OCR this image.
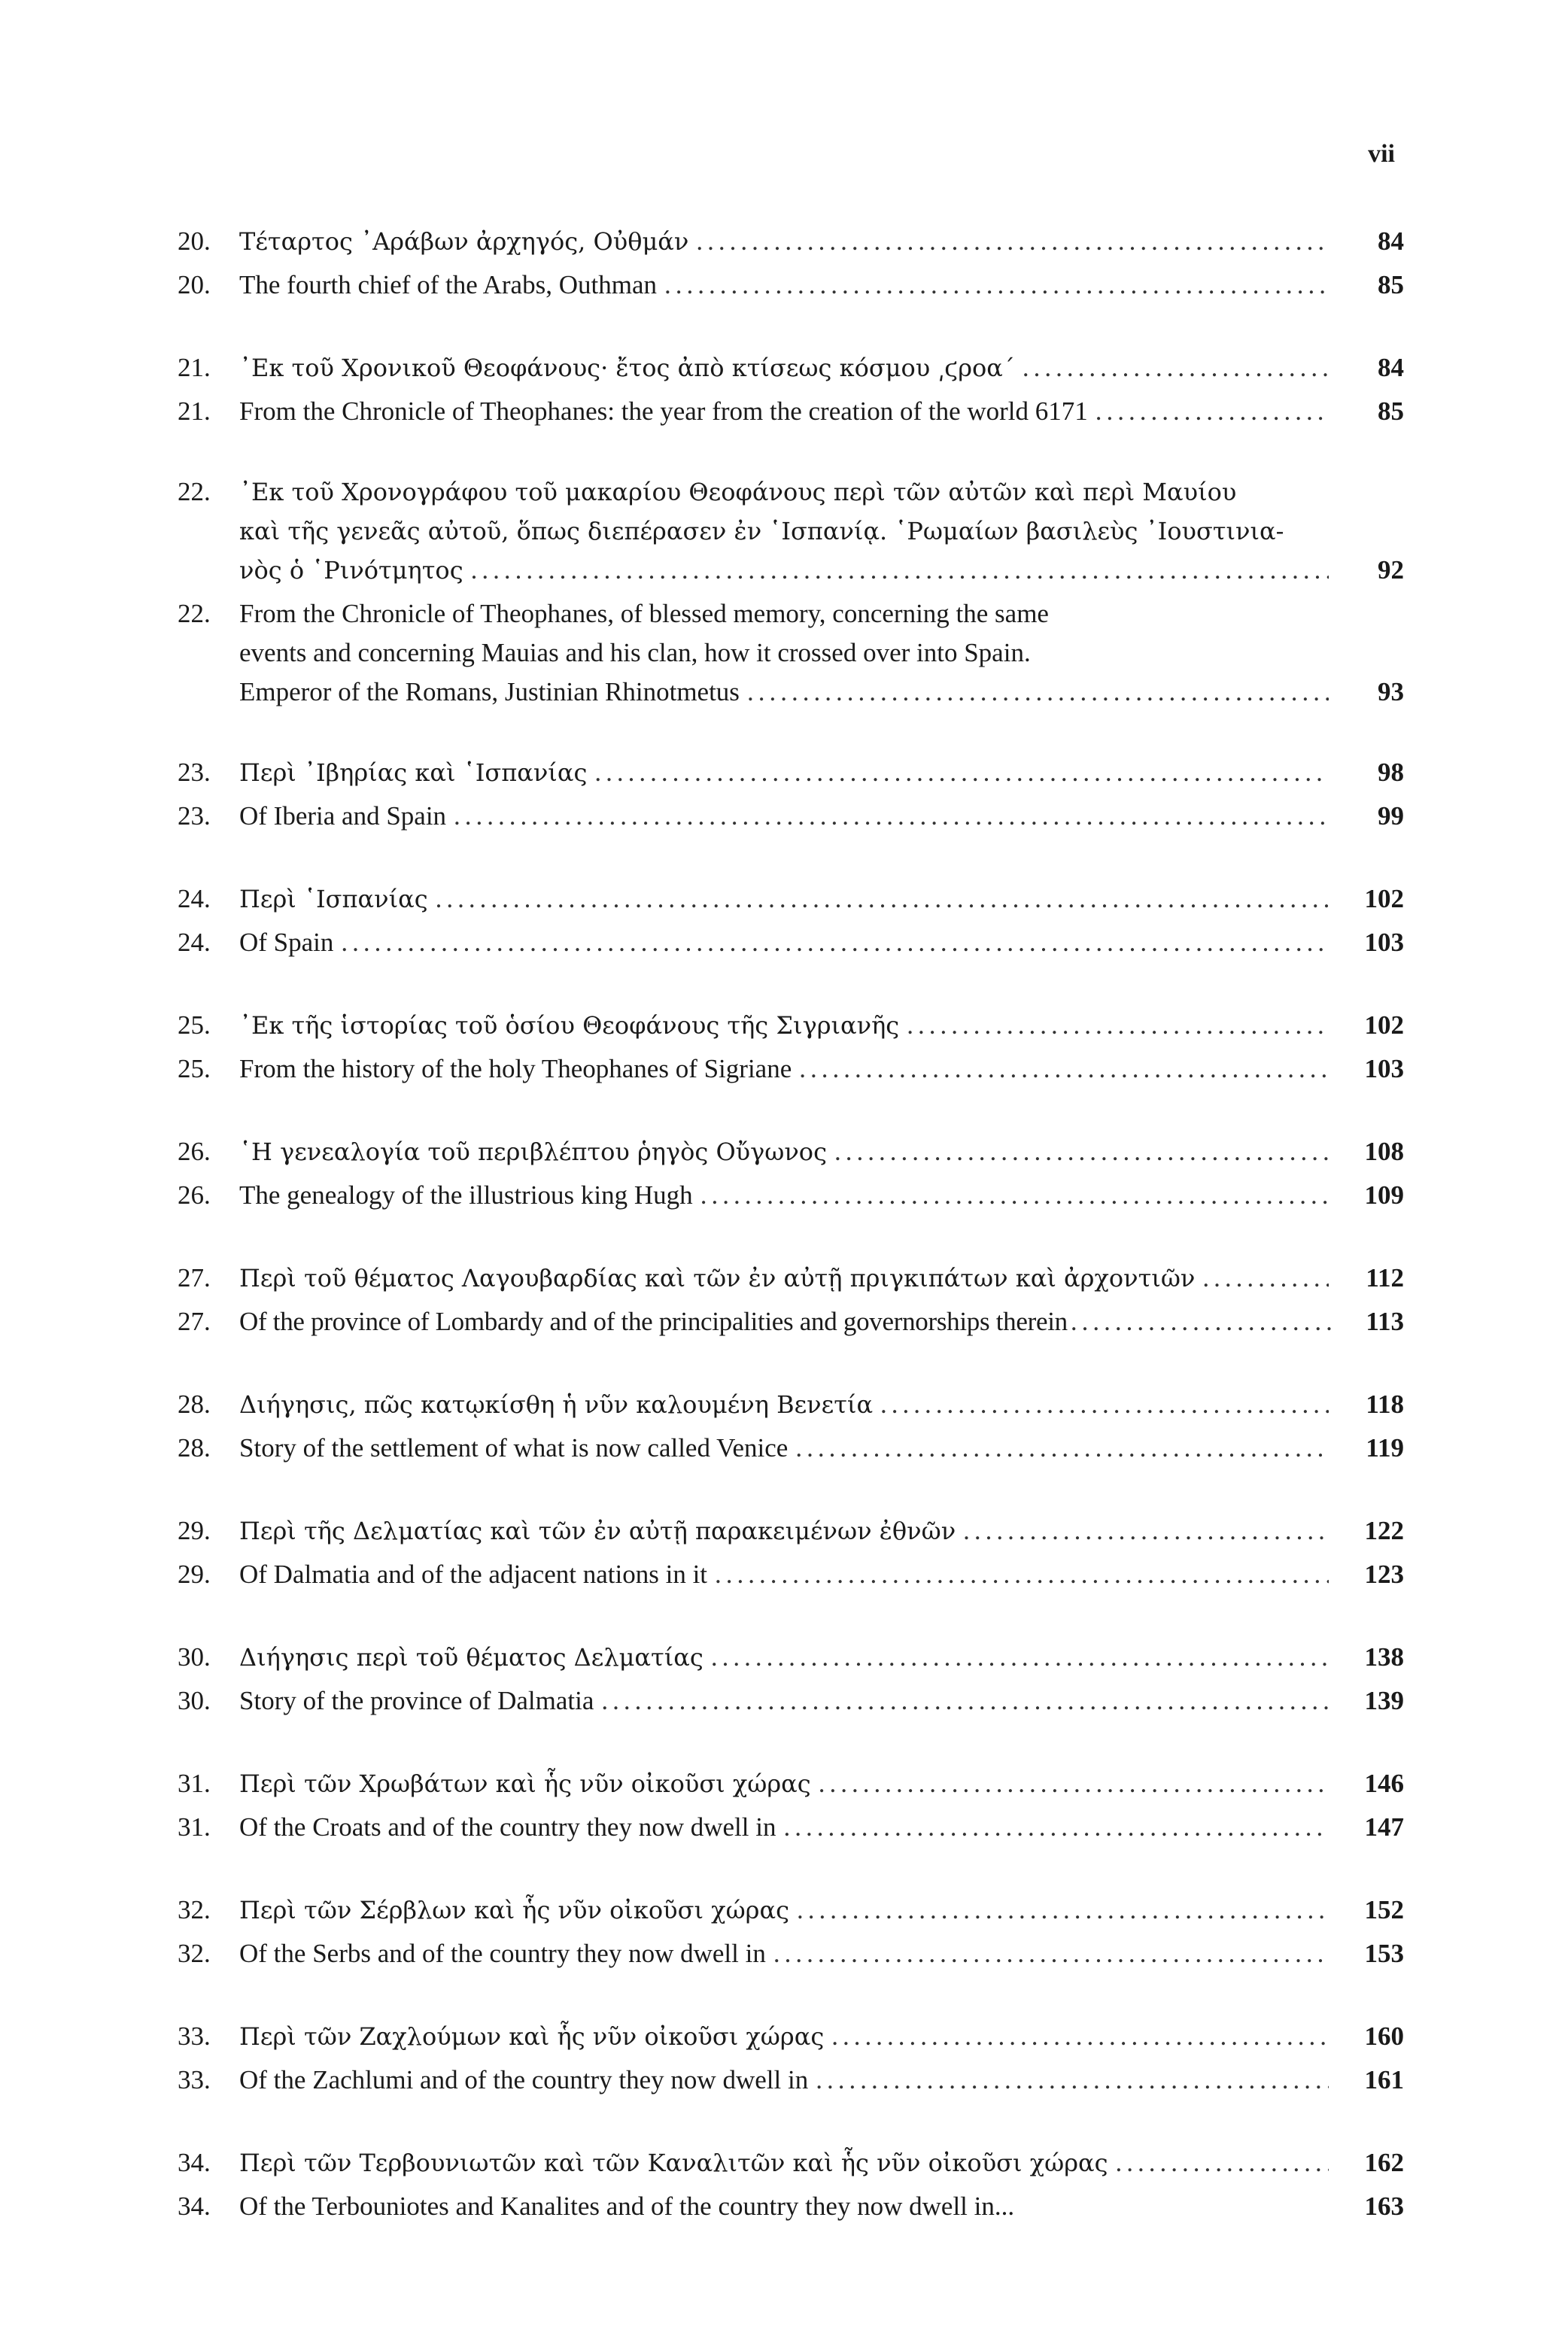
vii
20.	Τέταρτος ᾿Αράβων ἀρχηγός, Οὐθμάν .....	84
20.	The fourth chief of the Arabs, Outhman .....	85
21.	᾿Εκ τοῦ Χρονικοῦ Θεοφάνους· ἔτος ἀπὸ κτίσεως κόσμου ͵ϛροα´ .....	84
21.	From the Chronicle of Theophanes: the year from the creation of the world 6171 .....	85
22.	᾿Εκ τοῦ Χρονογράφου τοῦ μακαρίου Θεοφάνους περὶ τῶν αὐτῶν καὶ περὶ Μαυίου
καὶ τῆς γενεᾶς αὐτοῦ, ὅπως διεπέρασεν ἐν ῾Ισπανίᾳ. ῾Ρωμαίων βασιλεὺς ᾿Ιουστινια-
νὸς ὁ ῾Ρινότμητος .....	92
22.	From the Chronicle of Theophanes, of blessed memory, concerning the same
events and concerning Mauias and his clan, how it crossed over into Spain.
Emperor of the Romans, Justinian Rhinotmetus .....	93
23.	Περὶ ᾿Ιβηρίας καὶ ῾Ισπανίας .....	98
23.	Of Iberia and Spain .....	99
24.	Περὶ ῾Ισπανίας .....	102
24.	Of Spain .....	103
25.	᾿Εκ τῆς ἱστορίας τοῦ ὁσίου Θεοφάνους τῆς Σιγριανῆς .....	102
25.	From the history of the holy Theophanes of Sigriane .....	103
26.	῾Η γενεαλογία τοῦ περιβλέπτου ῥηγὸς Οὔγωνος .....	108
26.	The genealogy of the illustrious king Hugh .....	109
27.	Περὶ τοῦ θέματος Λαγουβαρδίας καὶ τῶν ἐν αὐτῇ πριγκιπάτων καὶ ἀρχοντιῶν .....	112
27.	Of the province of Lombardy and of the principalities and governorships therein .....	113
28.	Διήγησις, πῶς κατῳκίσθη ἡ νῦν καλουμένη Βενετία .....	118
28.	Story of the settlement of what is now called Venice .....	119
29.	Περὶ τῆς Δελματίας καὶ τῶν ἐν αὐτῇ παρακειμένων ἐθνῶν .....	122
29.	Of Dalmatia and of the adjacent nations in it .....	123
30.	Διήγησις περὶ τοῦ θέματος Δελματίας .....	138
30.	Story of the province of Dalmatia .....	139
31.	Περὶ τῶν Χρωβάτων καὶ ἧς νῦν οἰκοῦσι χώρας .....	146
31.	Of the Croats and of the country they now dwell in .....	147
32.	Περὶ τῶν Σέρβλων καὶ ἧς νῦν οἰκοῦσι χώρας .....	152
32.	Of the Serbs and of the country they now dwell in .....	153
33.	Περὶ τῶν Ζαχλούμων καὶ ἧς νῦν οἰκοῦσι χώρας .....	160
33.	Of the Zachlumi and of the country they now dwell in .....	161
34.	Περὶ τῶν Τερβουνιωτῶν καὶ τῶν Καναλιτῶν καὶ ἧς νῦν οἰκοῦσι χώρας .....	162
34.	Of the Terbouniotes and Kanalites and of the country they now dwell in...	163
